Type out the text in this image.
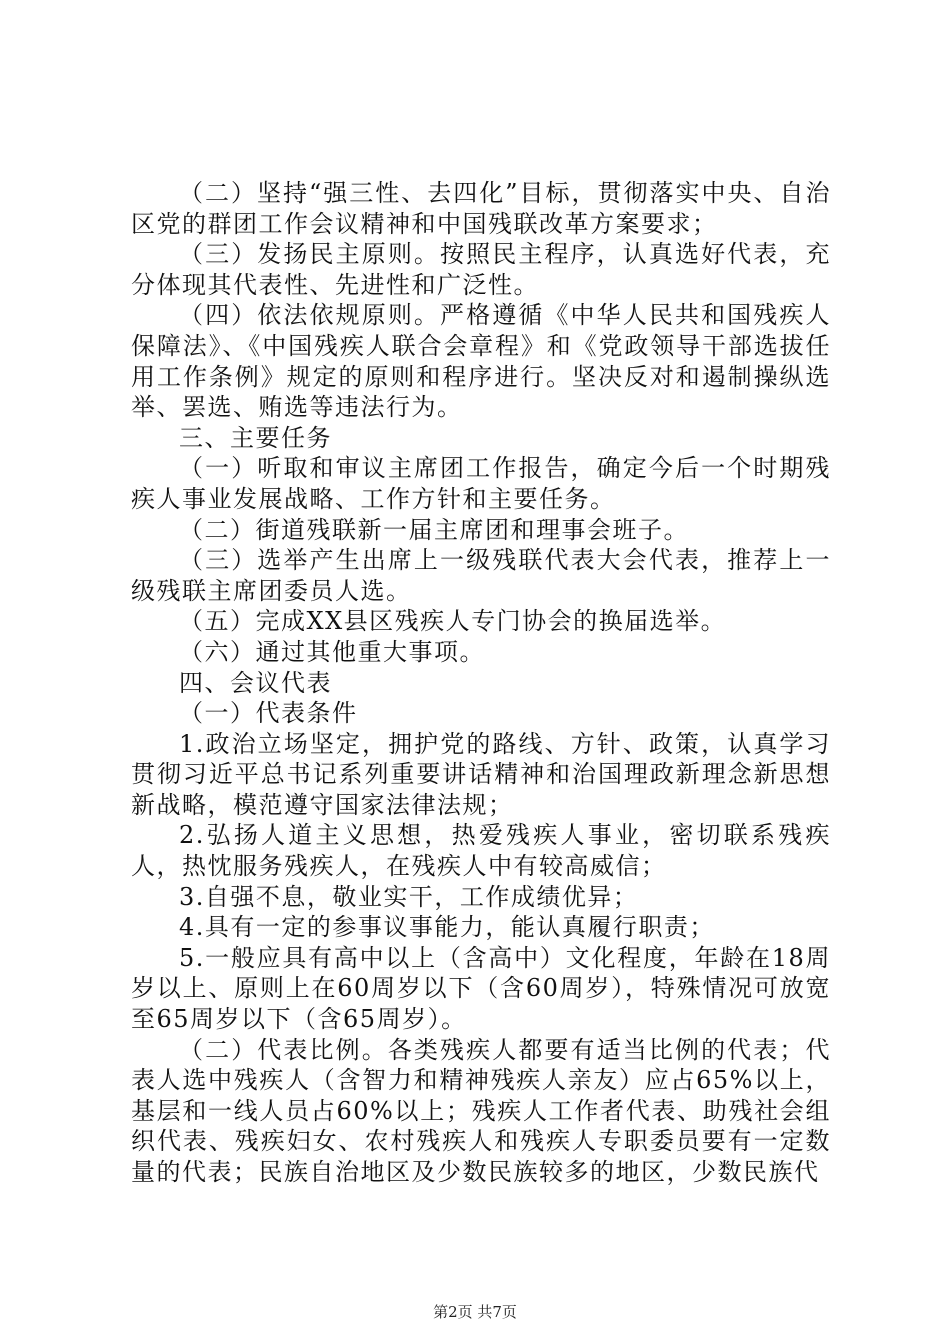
（二）坚持“强三性、去四化”目标，贯彻落实中央、自治区党的群团工作会议精神和中国残联改革方案要求；

（三）发扬民主原则。按照民主程序，认真选好代表，充分体现其代表性、先进性和广泛性。

（四）依法依规原则。严格遵循《中华人民共和国残疾人保障法》、《中国残疾人联合会章程》和《党政领导干部选拔任用工作条例》规定的原则和程序进行。坚决反对和遏制操纵选举、罢选、贿选等违法行为。

三、主要任务

（一）听取和审议主席团工作报告，确定今后一个时期残疾人事业发展战略、工作方针和主要任务。

（二）街道残联新一届主席团和理事会班子。

（三）选举产生出席上一级残联代表大会代表，推荐上一级残联主席团委员人选。

（五）完成XX县区残疾人专门协会的换届选举。

（六）通过其他重大事项。

四、会议代表

（一）代表条件

1.政治立场坚定，拥护党的路线、方针、政策，认真学习贯彻习近平总书记系列重要讲话精神和治国理政新理念新思想新战略，模范遵守国家法律法规；

2.弘扬人道主义思想，热爱残疾人事业，密切联系残疾人，热忱服务残疾人，在残疾人中有较高威信；

3.自强不息，敬业实干，工作成绩优异；

4.具有一定的参事议事能力，能认真履行职责；

5.一般应具有高中以上（含高中）文化程度，年龄在18周岁以上、原则上在60周岁以下（含60周岁），特殊情况可放宽至65周岁以下（含65周岁）。

（二）代表比例。各类残疾人都要有适当比例的代表；代表人选中残疾人（含智力和精神残疾人亲友）应占65%以上，基层和一线人员占60%以上；残疾人工作者代表、助残社会组织代表、残疾妇女、农村残疾人和残疾人专职委员要有一定数量的代表；民族自治地区及少数民族较多的地区，少数民族代

第2页 共7页
